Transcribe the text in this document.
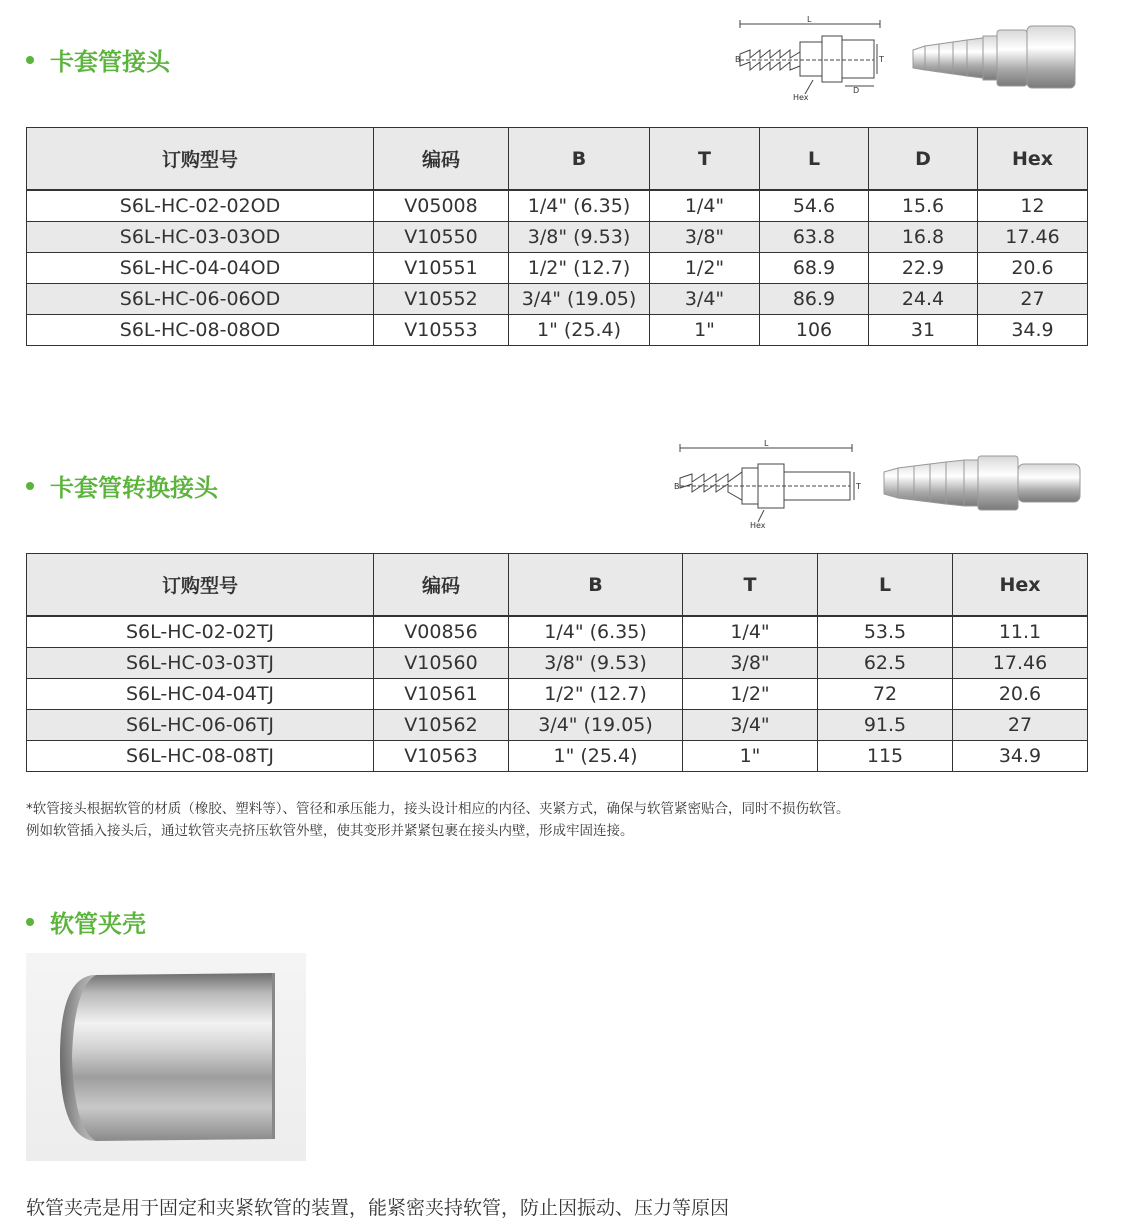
卡套管接头
L
B	T
D
Hex
订购型号	编码	B	T	L	D	Hex
S6L-HC-02-02OD	V05008	1/4" (6.35)	1/4"	54.6	15.6	12
S6L-HC-03-03OD	V10550	3/8" (9.53)	3/8"	63.8	16.8	17.46
S6L-HC-04-04OD	V10551	1/2" (12.7)	1/2"	68.9	22.9	20.6
S6L-HC-06-06OD	V10552	3/4" (19.05)	3/4"	86.9	24.4	27
S6L-HC-08-08OD	V10553	1" (25.4)	1"	106	31	34.9
卡套管转换接头
L
B	T
Hex
订购型号	编码	B	T	L	Hex
S6L-HC-02-02TJ	V00856	1/4" (6.35)	1/4"	53.5	11.1
S6L-HC-03-03TJ	V10560	3/8" (9.53)	3/8"	62.5	17.46
S6L-HC-04-04TJ	V10561	1/2" (12.7)	1/2"	72	20.6
S6L-HC-06-06TJ	V10562	3/4" (19.05)	3/4"	91.5	27
S6L-HC-08-08TJ	V10563	1" (25.4)	1"	115	34.9
*软管接头根据软管的材质（橡胶、塑料等）、管径和承压能力，接头设计相应的内径、夹紧方式，确保与软管紧密贴合，同时不损伤软管。
例如软管插入接头后，通过软管夹壳挤压软管外壁，使其变形并紧紧包裹在接头内壁，形成牢固连接。
软管夹壳
软管夹壳是用于固定和夹紧软管的装置，能紧密夹持软管，防止因振动、压力等原因
